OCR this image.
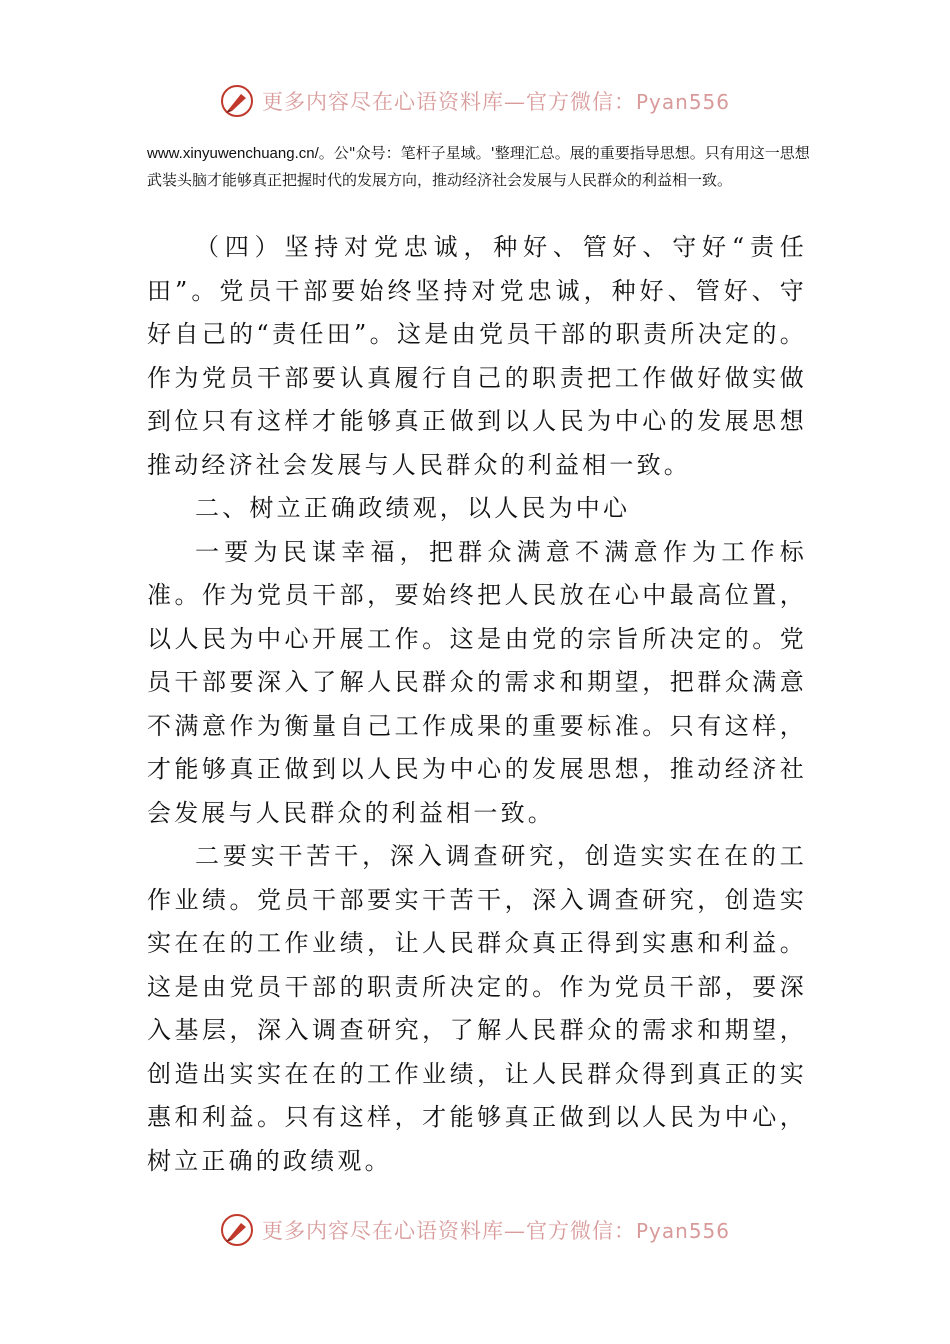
更多内容尽在心语资料库—官方微信：Pyan556
www.xinyuwenchuang.cn/。公"众号：笔杆子星域。'整理汇总。展的重要指导思想。只有用这一思想武装头脑才能够真正把握时代的发展方向，推动经济社会发展与人民群众的利益相一致。

（四）坚持对党忠诚，种好、管好、守好“责任田”。党员干部要始终坚持对党忠诚，种好、管好、守好自己的“责任田”。这是由党员干部的职责所决定的。作为党员干部要认真履行自己的职责把工作做好做实做到位只有这样才能够真正做到以人民为中心的发展思想推动经济社会发展与人民群众的利益相一致。

二、树立正确政绩观，以人民为中心

一要为民谋幸福，把群众满意不满意作为工作标准。作为党员干部，要始终把人民放在心中最高位置，以人民为中心开展工作。这是由党的宗旨所决定的。党员干部要深入了解人民群众的需求和期望，把群众满意不满意作为衡量自己工作成果的重要标准。只有这样，才能够真正做到以人民为中心的发展思想，推动经济社会发展与人民群众的利益相一致。

二要实干苦干，深入调查研究，创造实实在在的工作业绩。党员干部要实干苦干，深入调查研究，创造实实在在的工作业绩，让人民群众真正得到实惠和利益。这是由党员干部的职责所决定的。作为党员干部，要深入基层，深入调查研究，了解人民群众的需求和期望，创造出实实在在的工作业绩，让人民群众得到真正的实惠和利益。只有这样，才能够真正做到以人民为中心，树立正确的政绩观。

更多内容尽在心语资料库—官方微信：Pyan556
